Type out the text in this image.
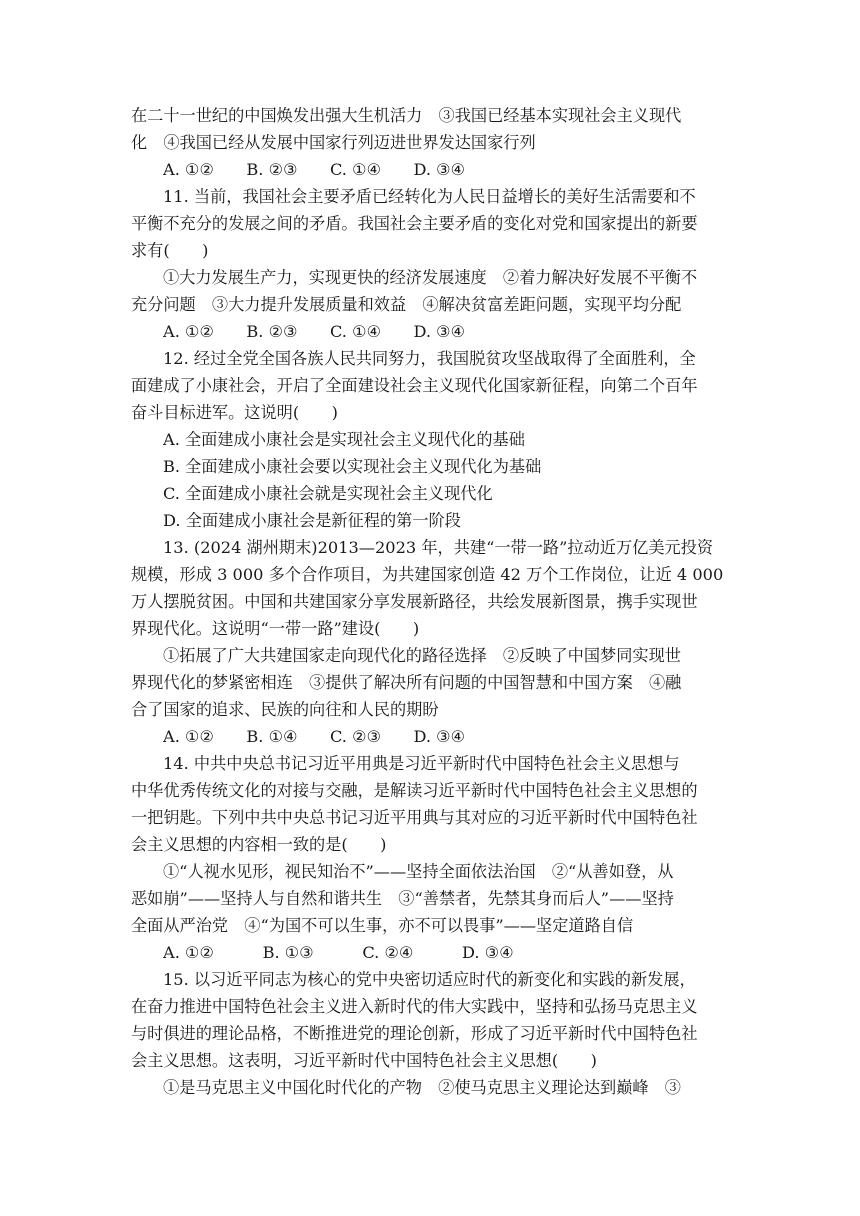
在二十一世纪的中国焕发出强大生机活力　③我国已经基本实现社会主义现代
化　④我国已经从发展中国家行列迈进世界发达国家行列
A. ①②　　B. ②③　　C. ①④　　D. ③④
11. 当前，我国社会主要矛盾已经转化为人民日益增长的美好生活需要和不
平衡不充分的发展之间的矛盾。我国社会主要矛盾的变化对党和国家提出的新要
求有(　　)
①大力发展生产力，实现更快的经济发展速度　②着力解决好发展不平衡不
充分问题　③大力提升发展质量和效益　④解决贫富差距问题，实现平均分配
A. ①②　　B. ②③　　C. ①④　　D. ③④
12. 经过全党全国各族人民共同努力，我国脱贫攻坚战取得了全面胜利，全
面建成了小康社会，开启了全面建设社会主义现代化国家新征程，向第二个百年
奋斗目标进军。这说明(　　)
A. 全面建成小康社会是实现社会主义现代化的基础
B. 全面建成小康社会要以实现社会主义现代化为基础
C. 全面建成小康社会就是实现社会主义现代化
D. 全面建成小康社会是新征程的第一阶段
13. (2024 湖州期末)2013—2023 年，共建“一带一路”拉动近万亿美元投资
规模，形成 3 000 多个合作项目，为共建国家创造 42 万个工作岗位，让近 4 000
万人摆脱贫困。中国和共建国家分享发展新路径，共绘发展新图景，携手实现世
界现代化。这说明“一带一路”建设(　　)
①拓展了广大共建国家走向现代化的路径选择　②反映了中国梦同实现世
界现代化的梦紧密相连　③提供了解决所有问题的中国智慧和中国方案　④融
合了国家的追求、民族的向往和人民的期盼
A. ①②　　B. ①④　　C. ②③　　D. ③④
14. 中共中央总书记习近平用典是习近平新时代中国特色社会主义思想与
中华优秀传统文化的对接与交融，是解读习近平新时代中国特色社会主义思想的
一把钥匙。下列中共中央总书记习近平用典与其对应的习近平新时代中国特色社
会主义思想的内容相一致的是(　　)
①“人视水见形，视民知治不”——坚持全面依法治国　②“从善如登，从
恶如崩”——坚持人与自然和谐共生　③“善禁者，先禁其身而后人”——坚持
全面从严治党　④“为国不可以生事，亦不可以畏事”——坚定道路自信
A. ①②　　　B. ①③　　　C. ②④　　　D. ③④
15. 以习近平同志为核心的党中央密切适应时代的新变化和实践的新发展，
在奋力推进中国特色社会主义进入新时代的伟大实践中，坚持和弘扬马克思主义
与时俱进的理论品格，不断推进党的理论创新，形成了习近平新时代中国特色社
会主义思想。这表明，习近平新时代中国特色社会主义思想(　　)
①是马克思主义中国化时代化的产物　②使马克思主义理论达到巅峰　③
